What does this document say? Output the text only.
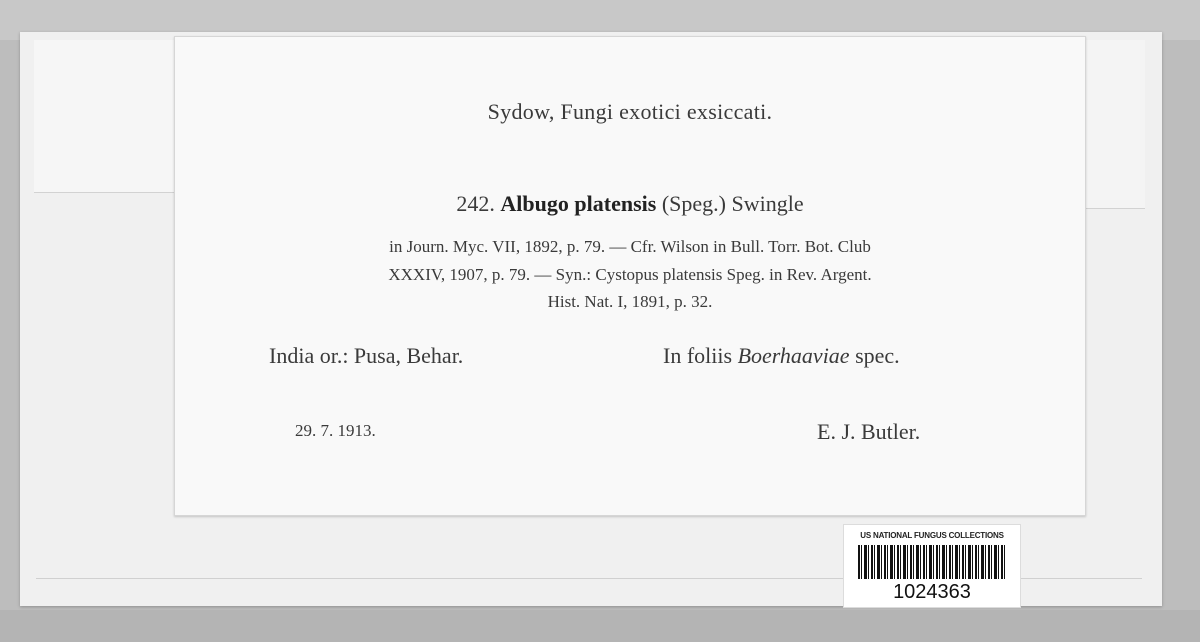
Sydow, Fungi exotici exsiccati.
242. Albugo platensis (Speg.) Swingle
in Journ. Myc. VII, 1892, p. 79. — Cfr. Wilson in Bull. Torr. Bot. Club
XXXIV, 1907, p. 79. — Syn.: Cystopus platensis Speg. in Rev. Argent.
Hist. Nat. I, 1891, p. 32.
India or.: Pusa, Behar.	In foliis Boerhaaviae spec.
29. 7. 1913.	E. J. Butler.
US NATIONAL FUNGUS COLLECTIONS
1024363
